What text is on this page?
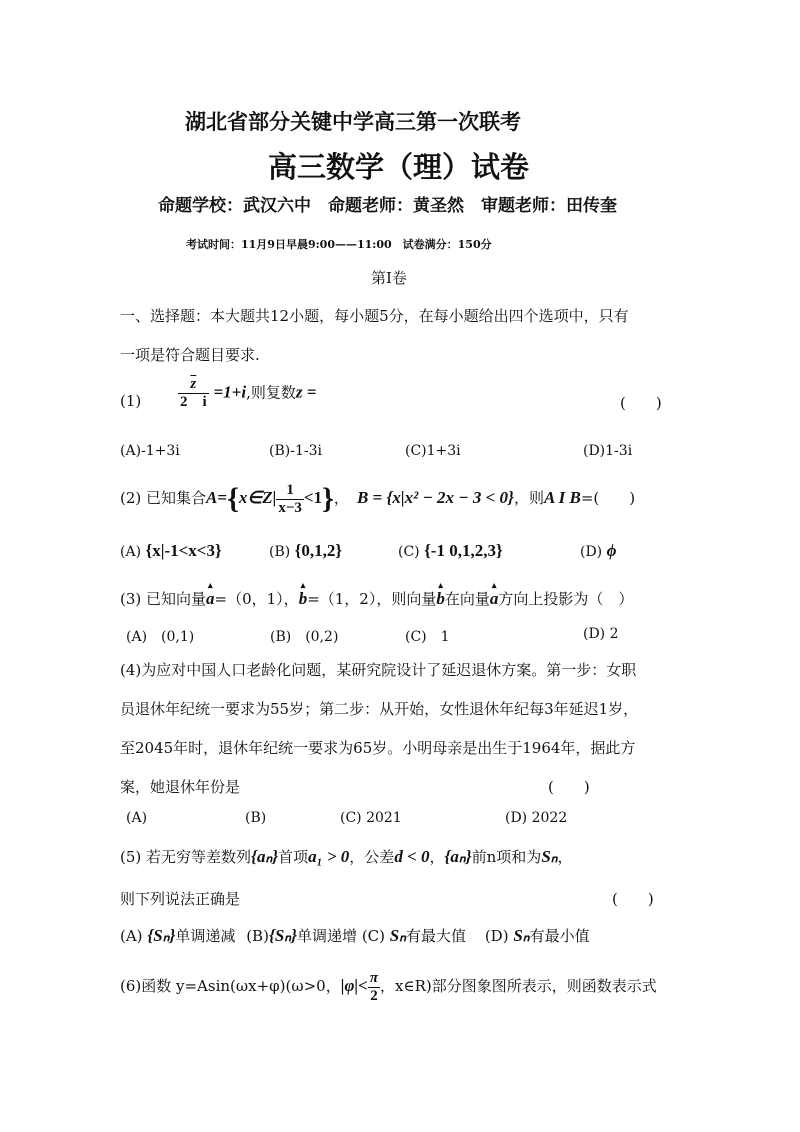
湖北省部分关键中学高三第一次联考
高三数学（理）试卷
命题学校：武汉六中　命题老师：黄圣然　审题老师：田传奎
考试时间：11月9日早晨9:00——11:00　试卷满分：150分
第Ⅰ卷
一、选择题：本大题共12小题，每小题5分，在每小题给出四个选项中，只有
一项是符合题目要求.
$(1) \frac{\overline{z}}{2 i} =1+i$,则复数z =
(　　)
(A)-1+3i	(B)-1-3i	(C)1+3i	(D)1-3i
(2) 已知集合A={x∈Z| $\frac{1}{x-3} <1$}， B = {x|x² − 2x − 3 < 0}，则A I B=(　　)
(A) {x|-1<x<3}	(B) {0,1,2}	(C) {-1 0,1,2,3}	(D) ϕ
(3) 已知向量
▴
a=（0，1），
▴
b=（1，2），则向量
▴
b在向量
▴
a方向上投影为（　）
(A)　(0,1)	(B)　(0,2)	(C)　1	(D) 2
(4)为应对中国人口老龄化问题，某研究院设计了延迟退休方案。第一步：女职
员退休年纪统一要求为55岁；第二步：从开始，女性退休年纪每3年延迟1岁，
至2045年时，退休年纪统一要求为65岁。小明母亲是出生于1964年，据此方
案，她退休年份是	(　　)
(A)	(B)	(C) 2021	(D) 2022
(5) 若无穷等差数列{aₙ}首项a₁ > 0，公差d < 0，{aₙ}前n项和为Sₙ，
则下列说法正确是	(　　)
(A) {Sₙ}单调递减 (B){Sₙ}单调递增 (C) Sₙ有最大值 (D) Sₙ有最小值
(6)函数 y=Asin(ωx+φ)(ω>0，$|\varphi|< \frac{\pi}{2}$ ，x∈R)部分图象图所表示，则函数表示式
